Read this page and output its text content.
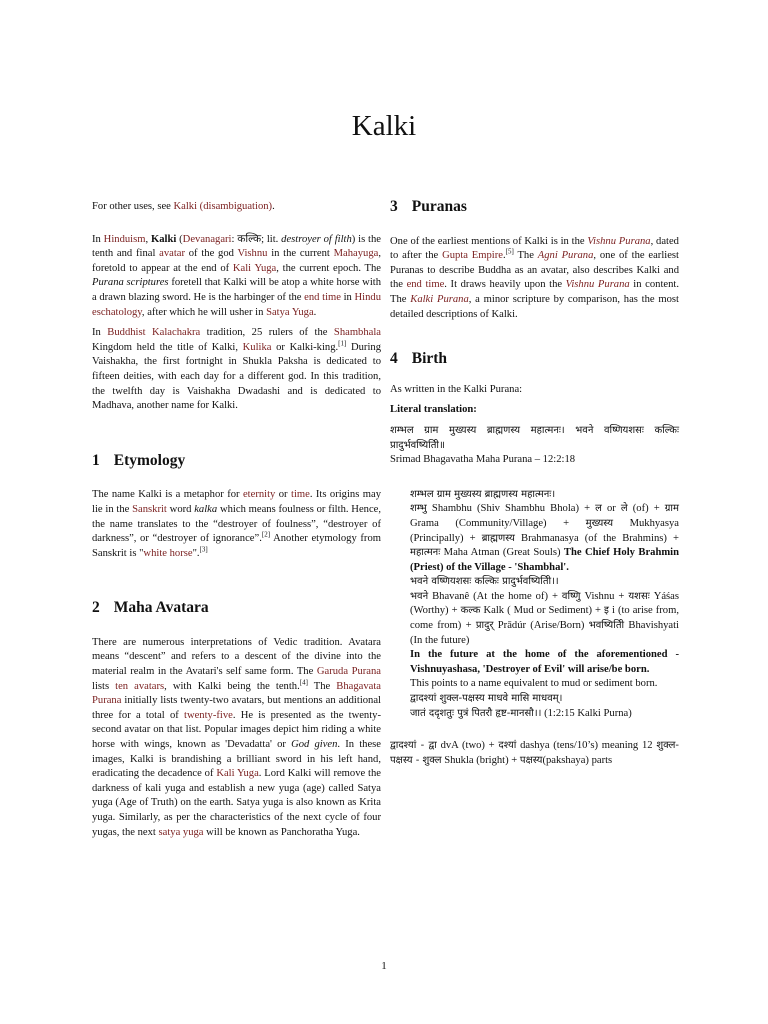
Kalki

For other uses, see Kalki (disambiguation).

In Hinduism, Kalki (Devanagari: कल्कि; lit. destroyer of filth) is the tenth and final avatar of the god Vishnu in the current Mahayuga, foretold to appear at the end of Kali Yuga, the current epoch. The Purana scriptures foretell that Kalki will be atop a white horse with a drawn blazing sword. He is the harbinger of the end time in Hindu eschatology, after which he will usher in Satya Yuga.

In Buddhist Kalachakra tradition, 25 rulers of the Shambhala Kingdom held the title of Kalki, Kulika or Kalki-king.[1] During Vaishakha, the first fortnight in Shukla Paksha is dedicated to fifteen deities, with each day for a different god. In this tradition, the twelfth day is Vaishakha Dwadashi and is dedicated to Madhava, another name for Kalki.

1 Etymology

The name Kalki is a metaphor for eternity or time. Its origins may lie in the Sanskrit word kalka which means foulness or filth. Hence, the name translates to the “destroyer of foulness”, “destroyer of darkness”, or “destroyer of ignorance”.[2] Another etymology from Sanskrit is "white horse".[3]

2 Maha Avatara

There are numerous interpretations of Vedic tradition. Avatara means “descent” and refers to a descent of the divine into the material realm in the Avatari's self same form. The Garuda Purana lists ten avatars, with Kalki being the tenth.[4] The Bhagavata Purana initially lists twenty-two avatars, but mentions an additional three for a total of twenty-five. He is presented as the twenty-second avatar on that list. Popular images depict him riding a white horse with wings, known as 'Devadatta' or God given. In these images, Kalki is brandishing a brilliant sword in his left hand, eradicating the decadence of Kali Yuga. Lord Kalki will remove the darkness of kali yuga and establish a new yuga (age) called Satya yuga (Age of Truth) on the earth. Satya yuga is also known as Krita yuga. Similarly, as per the characteristics of the next cycle of four yugas, the next satya yuga will be known as Panchoratha Yuga.

3 Puranas

One of the earliest mentions of Kalki is in the Vishnu Purana, dated to after the Gupta Empire.[5] The Agni Purana, one of the earliest Puranas to describe Buddha as an avatar, also describes Kalki and the end time. It draws heavily upon the Vishnu Purana in content. The Kalki Purana, a minor scripture by comparison, has the most detailed descriptions of Kalki.

4 Birth

As written in the Kalki Purana:

Literal translation:

शम्भल ग्राम मुख्यस्य ब्राह्मणस्य महात्मनः। भवने वष्णियशसः कल्किः प्रादुर्भवष्यितीि॥

Srimad Bhagavatha Maha Purana – 12:2:18

शम्भल ग्राम मुख्यस्य ब्राह्मणस्य महात्मनः।

शम्भु Shambhu (Shiv Shambhu Bhola) + ल or ले (of) + ग्राम Grama (Community/Village) + मुख्यस्य Mukhyasya (Principally) + ब्राह्मणस्य Brahmanasya (of the Brahmins) + महात्मनः Maha Atman (Great Souls) The Chief Holy Brahmin (Priest) of the Village - 'Shambhal'.

भवने वष्णियशसः कल्किः प्रादुर्भवष्यितीि।।

भवने Bhavanê (At the home of) + वष्णिु Vishnu + यशसः Yáśas (Worthy) + कल्क Kalk ( Mud or Sediment) + इ i (to arise from, come from) + प्रादुर् Prādúr (Arise/Born) भवष्यितीि Bhavishyati (In the future)

In the future at the home of the aforementioned - Vishnuyashasa, 'Destroyer of Evil' will arise/be born.

This points to a name equivalent to mud or sediment born.

द्वादश्यां शुक्ल-पक्षस्य माधवे मासि माधवम्।

जातं ददृशतुः पुत्रं पितरौ हृष्ट-मानसौ।। (1:2:15 Kalki Purna)

द्वादश्यां - द्वा dvA (two) + दश्यां dashya (tens/10’s) meaning 12 शुक्ल-पक्षस्य - शुक्ल Shukla (bright) + पक्षस्य(pakshaya) parts

1
